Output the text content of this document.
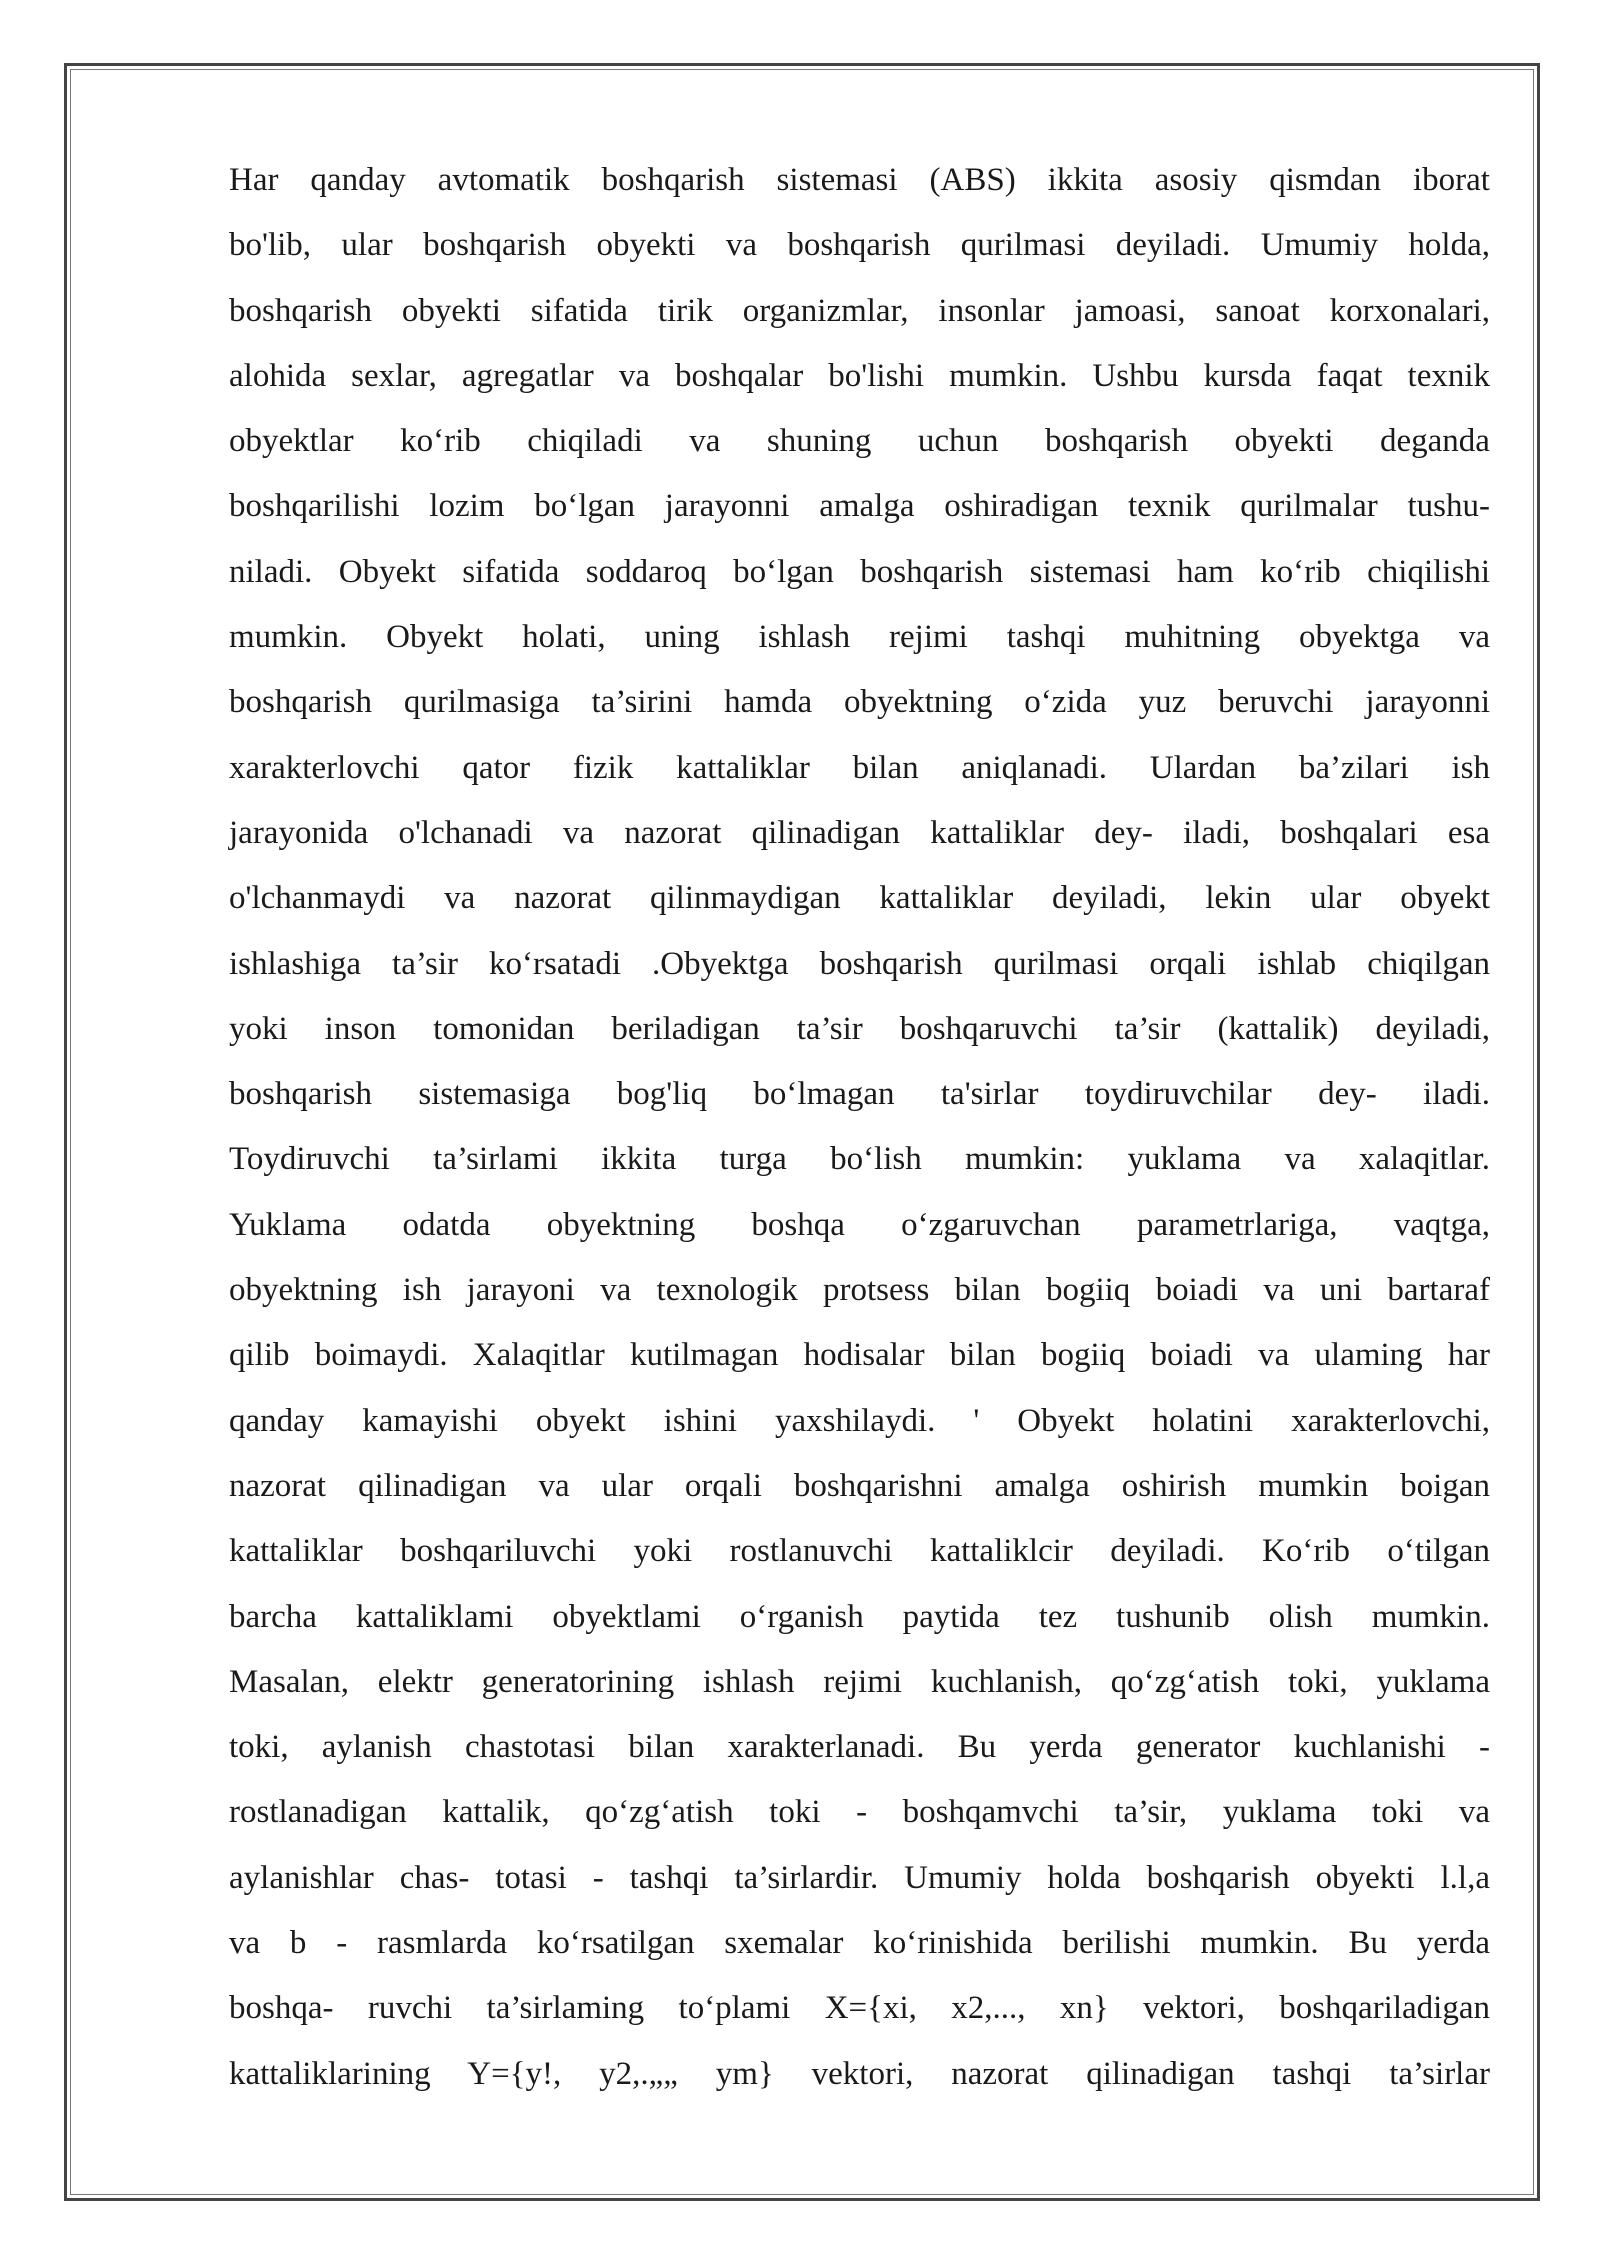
Har qanday avtomatik boshqarish sistemasi (ABS) ikkita asosiy qismdan iborat
bo'lib, ular boshqarish obyekti va boshqarish qurilmasi deyiladi. Umumiy holda,
boshqarish obyekti sifatida tirik organizmlar, insonlar jamoasi, sanoat korxonalari,
alohida sexlar, agregatlar va boshqalar bo'lishi mumkin. Ushbu kursda faqat texnik
obyektlar ko‘rib chiqiladi va shuning uchun boshqarish obyekti deganda
boshqarilishi lozim bo‘lgan jarayonni amalga oshiradigan texnik qurilmalar tushu-
niladi. Obyekt sifatida soddaroq bo‘lgan boshqarish sistemasi ham ko‘rib chiqilishi
mumkin. Obyekt holati, uning ishlash rejimi tashqi muhitning obyektga va
boshqarish qurilmasiga ta’sirini hamda obyektning o‘zida yuz beruvchi jarayonni
xarakterlovchi qator fizik kattaliklar bilan aniqlanadi. Ulardan ba’zilari ish
jarayonida o'lchanadi va nazorat qilinadigan kattaliklar dey- iladi, boshqalari esa
o'lchanmaydi va nazorat qilinmaydigan kattaliklar deyiladi, lekin ular obyekt
ishlashiga ta’sir ko‘rsatadi .Obyektga boshqarish qurilmasi orqali ishlab chiqilgan
yoki inson tomonidan beriladigan ta’sir boshqaruvchi ta’sir (kattalik) deyiladi,
boshqarish sistemasiga bog'liq bo‘lmagan ta'sirlar toydiruvchilar dey- iladi.
Toydiruvchi ta’sirlami ikkita turga bo‘lish mumkin: yuklama va xalaqitlar.
Yuklama odatda obyektning boshqa o‘zgaruvchan parametrlariga, vaqtga,
obyektning ish jarayoni va texnologik protsess bilan bogiiq boiadi va uni bartaraf
qilib boimaydi. Xalaqitlar kutilmagan hodisalar bilan bogiiq boiadi va ulaming har
qanday kamayishi obyekt ishini yaxshilaydi. ' Obyekt holatini xarakterlovchi,
nazorat qilinadigan va ular orqali boshqarishni amalga oshirish mumkin boigan
kattaliklar boshqariluvchi yoki rostlanuvchi kattaliklcir deyiladi. Ko‘rib o‘tilgan
barcha kattaliklami obyektlami o‘rganish paytida tez tushunib olish mumkin.
Masalan, elektr generatorining ishlash rejimi kuchlanish, qo‘zg‘atish toki, yuklama
toki, aylanish chastotasi bilan xarakterlanadi. Bu yerda generator kuchlanishi -
rostlanadigan kattalik, qo‘zg‘atish toki - boshqamvchi ta’sir, yuklama toki va
aylanishlar chas- totasi - tashqi ta’sirlardir. Umumiy holda boshqarish obyekti l.l,a
va b - rasmlarda ko‘rsatilgan sxemalar ko‘rinishida berilishi mumkin. Bu yerda
boshqa- ruvchi ta’sirlaming to‘plami X={xi, x2,..., xn} vektori, boshqariladigan
kattaliklarining Y={y!, y2,.„„ ym} vektori, nazorat qilinadigan tashqi ta’sirlar
